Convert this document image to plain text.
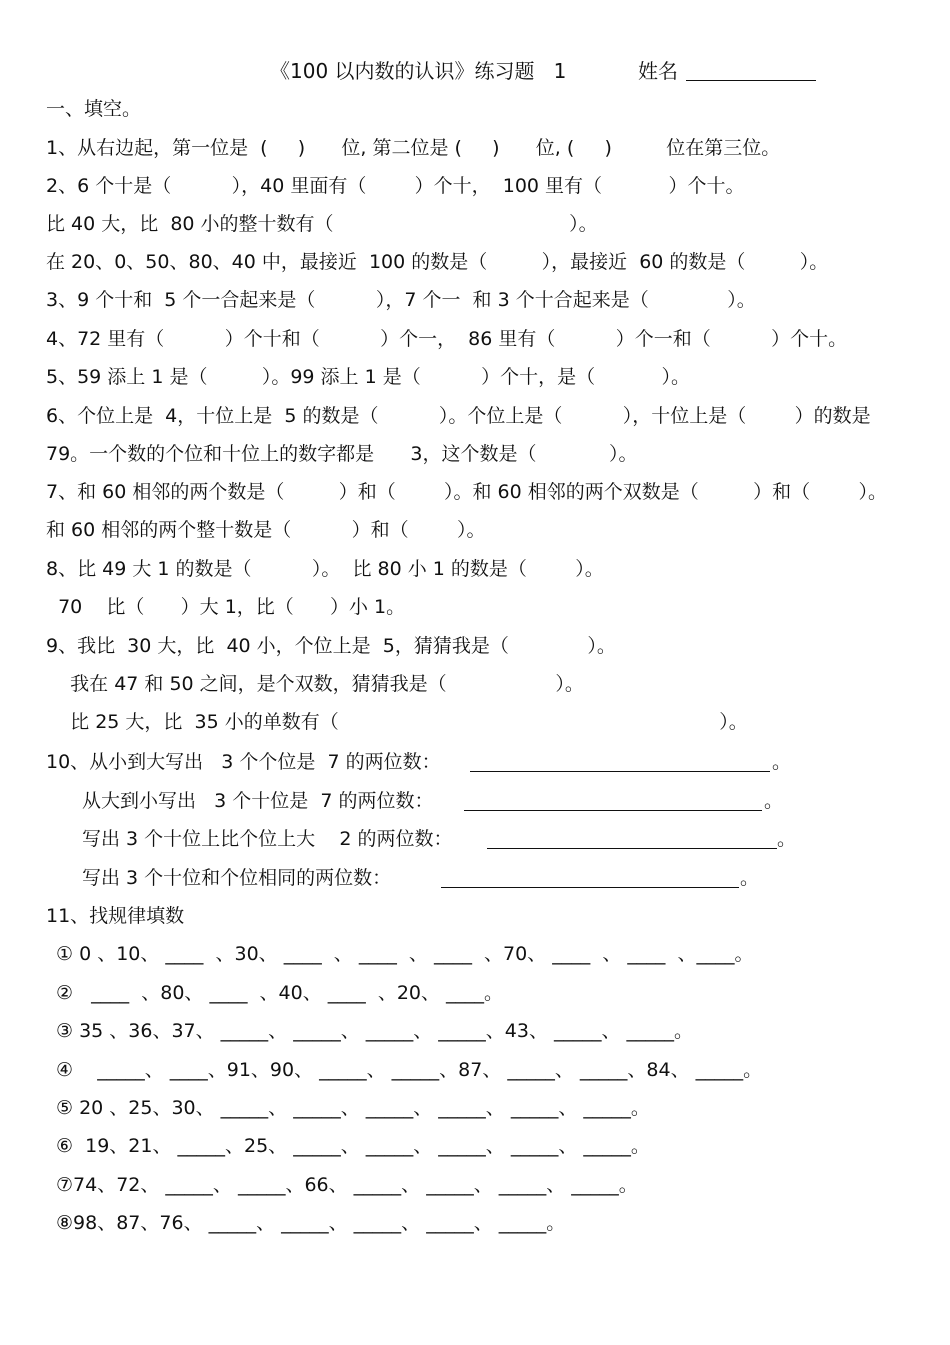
《100 以内数的认识》练习题   1	姓名
一、填空。
1、从右边起，第一位是  (     )      位, 第二位是 (     )      位, (     )         位在第三位。
2、6 个十是（          ），40 里面有（        ）个十，  100 里有（           ）个十。
比 40 大，比  80 小的整十数有（                                       ）。
在 20、0、50、80、40 中，最接近  100 的数是（         ），最接近  60 的数是（         ）。
3、9 个十和  5 个一合起来是（          ），7 个一  和 3 个十合起来是（             ）。
4、72 里有（          ）个十和（          ）个一，  86 里有（          ）个一和（          ）个十。
5、59 添上 1 是（         ）。99 添上 1 是（          ）个十，是（           ）。
6、个位上是  4，十位上是  5 的数是（          ）。个位上是（          ），十位上是（        ）的数是
79。一个数的个位和十位上的数字都是      3，这个数是（            ）。
7、和 60 相邻的两个数是（         ）和（        ）。和 60 相邻的两个双数是（         ）和（        ）。
和 60 相邻的两个整十数是（          ）和（        ）。
8、比 49 大 1 的数是（          ）。  比 80 小 1 的数是（        ）。
70    比（      ）大 1，比（      ）小 1。
9、我比  30 大，比  40 小，个位上是  5，猜猜我是（             ）。
我在 47 和 50 之间，是个双数，猜猜我是（                  ）。
比 25 大，比  35 小的单数有（                                                               ）。
10、从小到大写出   3 个个位是  7 的两位数：	。
从大到小写出   3 个十位是  7 的两位数：	。
写出 3 个十位上比个位上大    2 的两位数：	。
写出 3 个十位和个位相同的两位数：	。
11、找规律填数
① 0 、10、 ____  、30、 ____  、 ____  、 ____  、70、 ____  、 ____  、____。
②   ____  、80、 ____  、40、 ____  、20、 ____。
③ 35 、36、37、 _____、 _____、 _____、 _____、43、 _____、 _____。
④    _____、 ____、91、90、 _____、 _____、87、 _____、 _____、84、 _____。
⑤ 20 、25、30、 _____、 _____、 _____、 _____、 _____、 _____。
⑥  19、21、 _____、25、 _____、 _____、 _____、 _____、 _____。
⑦74、72、 _____、 _____、66、 _____、 _____、 _____、 _____。
⑧98、87、76、 _____、 _____、 _____、 _____、 _____。
